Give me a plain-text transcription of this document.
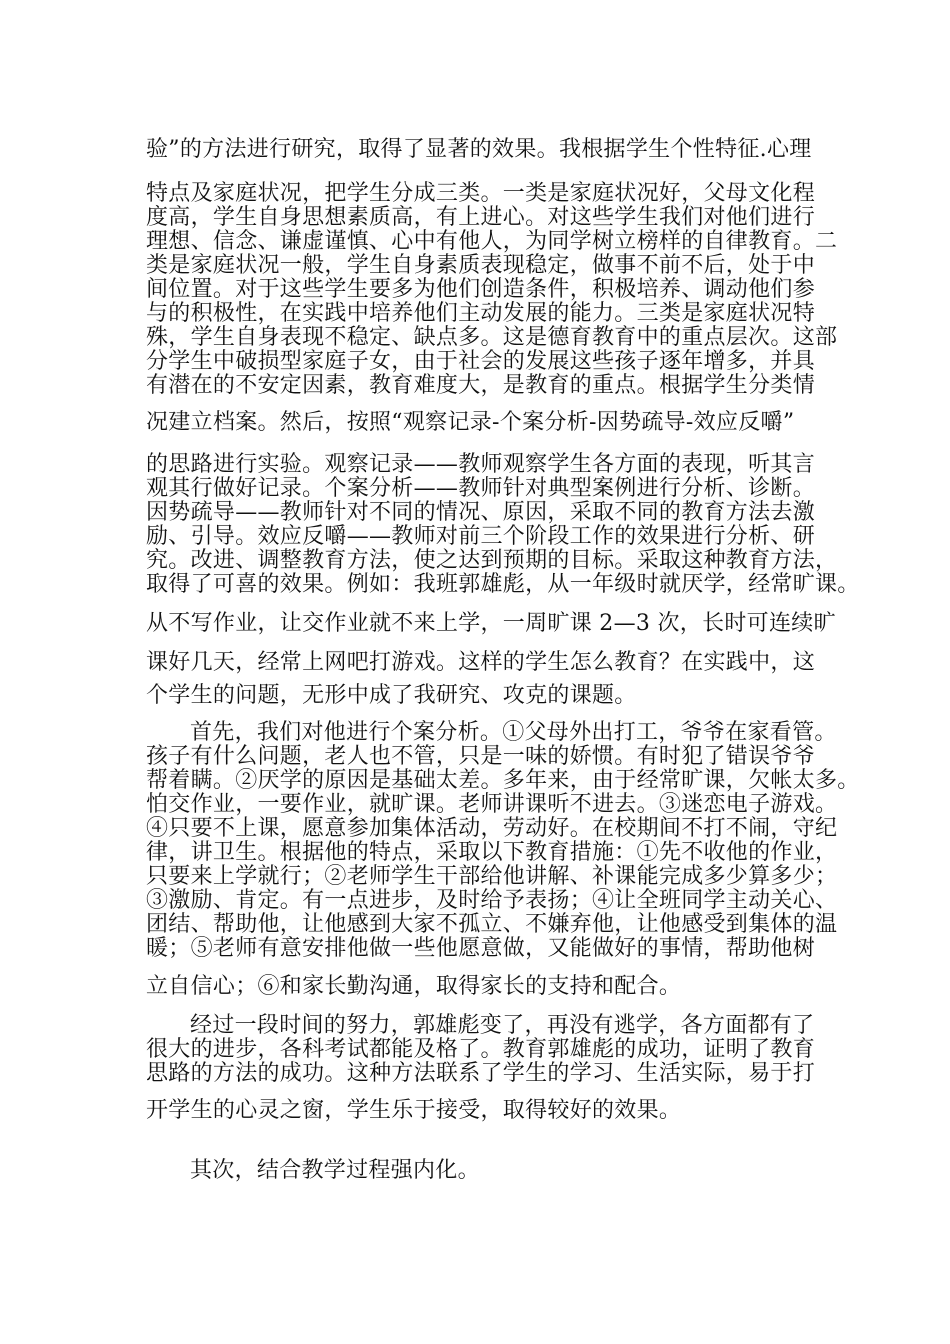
验”的方法进行研究，取得了显著的效果。我根据学生个性特征.心理
特点及家庭状况，把学生分成三类。一类是家庭状况好，父母文化程
度高，学生自身思想素质高，有上进心。对这些学生我们对他们进行
理想、信念、谦虚谨慎、心中有他人，为同学树立榜样的自律教育。二
类是家庭状况一般，学生自身素质表现稳定，做事不前不后，处于中
间位置。对于这些学生要多为他们创造条件，积极培养、调动他们参
与的积极性，在实践中培养他们主动发展的能力。三类是家庭状况特
殊，学生自身表现不稳定、缺点多。这是德育教育中的重点层次。这部
分学生中破损型家庭子女，由于社会的发展这些孩子逐年增多，并具
有潜在的不安定因素，教育难度大，是教育的重点。根据学生分类情
况建立档案。然后，按照“观察记录-个案分析-因势疏导-效应反嚼”
的思路进行实验。观察记录——教师观察学生各方面的表现，听其言
观其行做好记录。个案分析——教师针对典型案例进行分析、诊断。
因势疏导——教师针对不同的情况、原因，采取不同的教育方法去激
励、引导。效应反嚼——教师对前三个阶段工作的效果进行分析、研
究。改进、调整教育方法，使之达到预期的目标。采取这种教育方法，
取得了可喜的效果。例如：我班郭雄彪，从一年级时就厌学，经常旷课。
从不写作业，让交作业就不来上学，一周旷课 2—3 次，长时可连续旷
课好几天，经常上网吧打游戏。这样的学生怎么教育？在实践中，这
个学生的问题，无形中成了我研究、攻克的课题。
首先，我们对他进行个案分析。①父母外出打工，爷爷在家看管。
孩子有什么问题，老人也不管，只是一味的娇惯。有时犯了错误爷爷
帮着瞒。②厌学的原因是基础太差。多年来，由于经常旷课，欠帐太多。
怕交作业，一要作业，就旷课。老师讲课听不进去。③迷恋电子游戏。
④只要不上课，愿意参加集体活动，劳动好。在校期间不打不闹，守纪
律，讲卫生。根据他的特点，采取以下教育措施：①先不收他的作业，
只要来上学就行；②老师学生干部给他讲解、补课能完成多少算多少；
③激励、肯定。有一点进步，及时给予表扬；④让全班同学主动关心、
团结、帮助他，让他感到大家不孤立、不嫌弃他，让他感受到集体的温
暖；⑤老师有意安排他做一些他愿意做，又能做好的事情，帮助他树
立自信心；⑥和家长勤沟通，取得家长的支持和配合。
经过一段时间的努力，郭雄彪变了，再没有逃学，各方面都有了
很大的进步，各科考试都能及格了。教育郭雄彪的成功，证明了教育
思路的方法的成功。这种方法联系了学生的学习、生活实际，易于打
开学生的心灵之窗，学生乐于接受，取得较好的效果。
其次，结合教学过程强内化。
